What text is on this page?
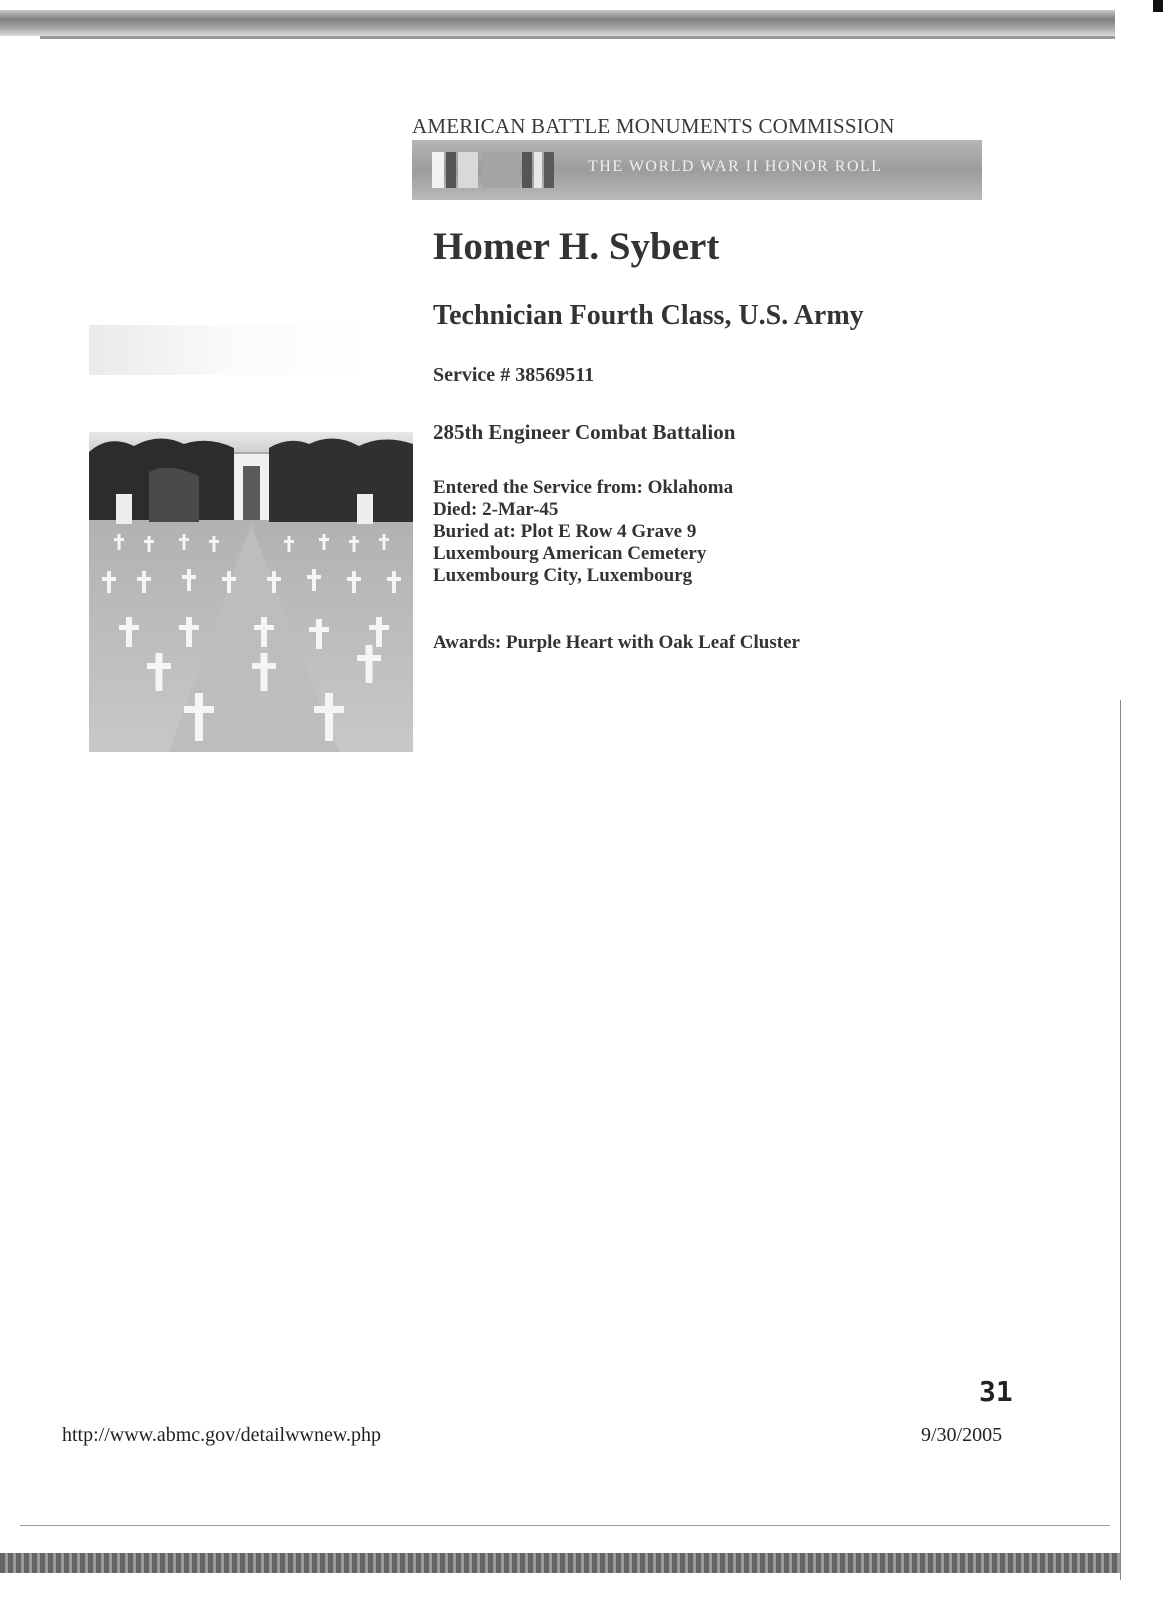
AMERICAN BATTLE MONUMENTS COMMISSION
THE WORLD WAR II HONOR ROLL
Homer H. Sybert
Technician Fourth Class, U.S. Army
Service # 38569511
285th Engineer Combat Battalion
Entered the Service from: Oklahoma
Died: 2-Mar-45
Buried at: Plot E Row 4 Grave 9
Luxembourg American Cemetery
Luxembourg City, Luxembourg
Awards: Purple Heart with Oak Leaf Cluster
http://www.abmc.gov/detailwwnew.php
31
9/30/2005
